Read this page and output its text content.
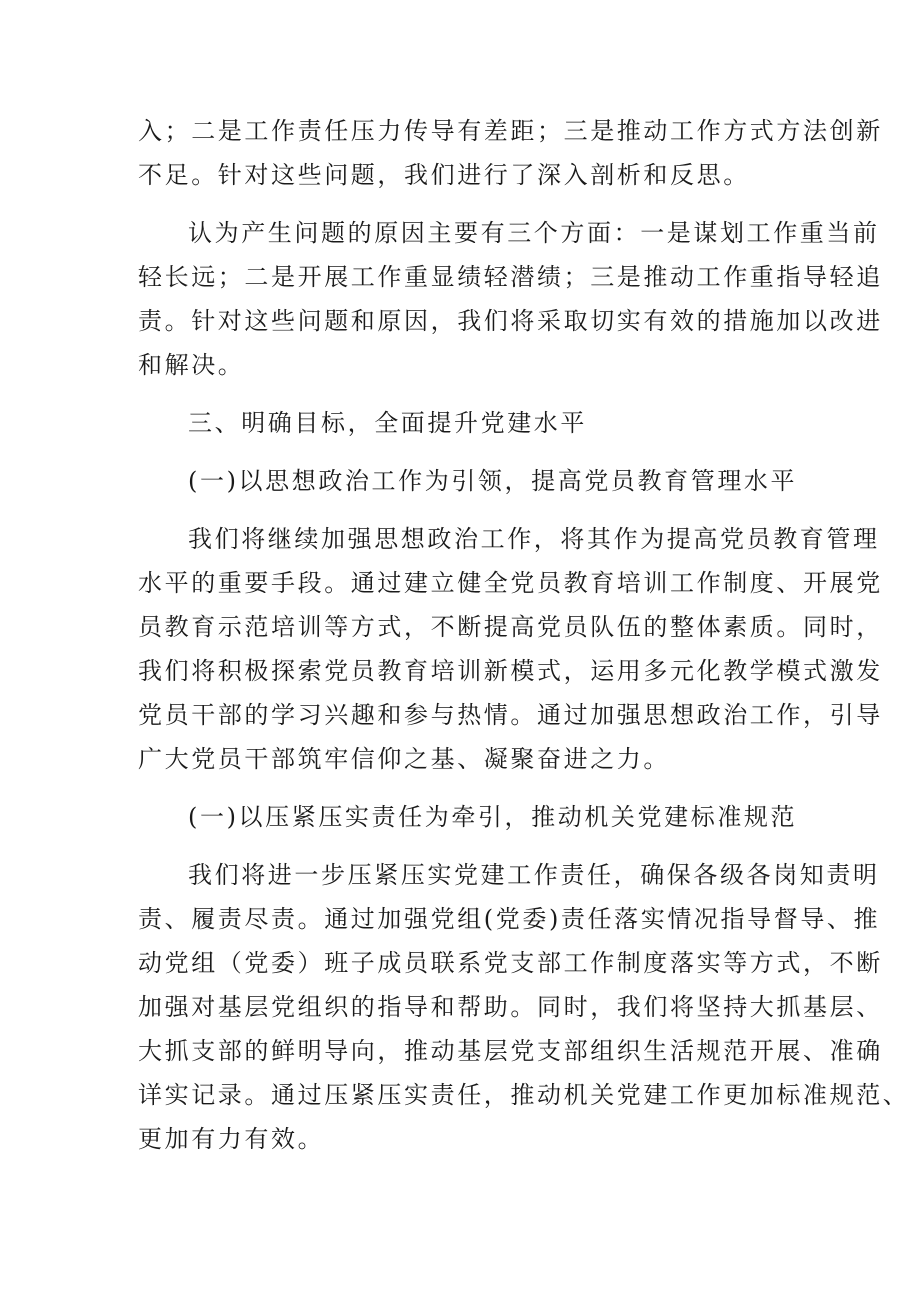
入；二是工作责任压力传导有差距；三是推动工作方式方法创新
不足。针对这些问题，我们进行了深入剖析和反思。
认为产生问题的原因主要有三个方面：一是谋划工作重当前
轻长远；二是开展工作重显绩轻潜绩；三是推动工作重指导轻追
责。针对这些问题和原因，我们将采取切实有效的措施加以改进
和解决。
三、明确目标，全面提升党建水平
(一)以思想政治工作为引领，提高党员教育管理水平
我们将继续加强思想政治工作，将其作为提高党员教育管理
水平的重要手段。通过建立健全党员教育培训工作制度、开展党
员教育示范培训等方式，不断提高党员队伍的整体素质。同时，
我们将积极探索党员教育培训新模式，运用多元化教学模式激发
党员干部的学习兴趣和参与热情。通过加强思想政治工作，引导
广大党员干部筑牢信仰之基、凝聚奋进之力。
(一)以压紧压实责任为牵引，推动机关党建标准规范
我们将进一步压紧压实党建工作责任，确保各级各岗知责明
责、履责尽责。通过加强党组(党委)责任落实情况指导督导、推
动党组（党委）班子成员联系党支部工作制度落实等方式，不断
加强对基层党组织的指导和帮助。同时，我们将坚持大抓基层、
大抓支部的鲜明导向，推动基层党支部组织生活规范开展、准确
详实记录。通过压紧压实责任，推动机关党建工作更加标准规范、
更加有力有效。
